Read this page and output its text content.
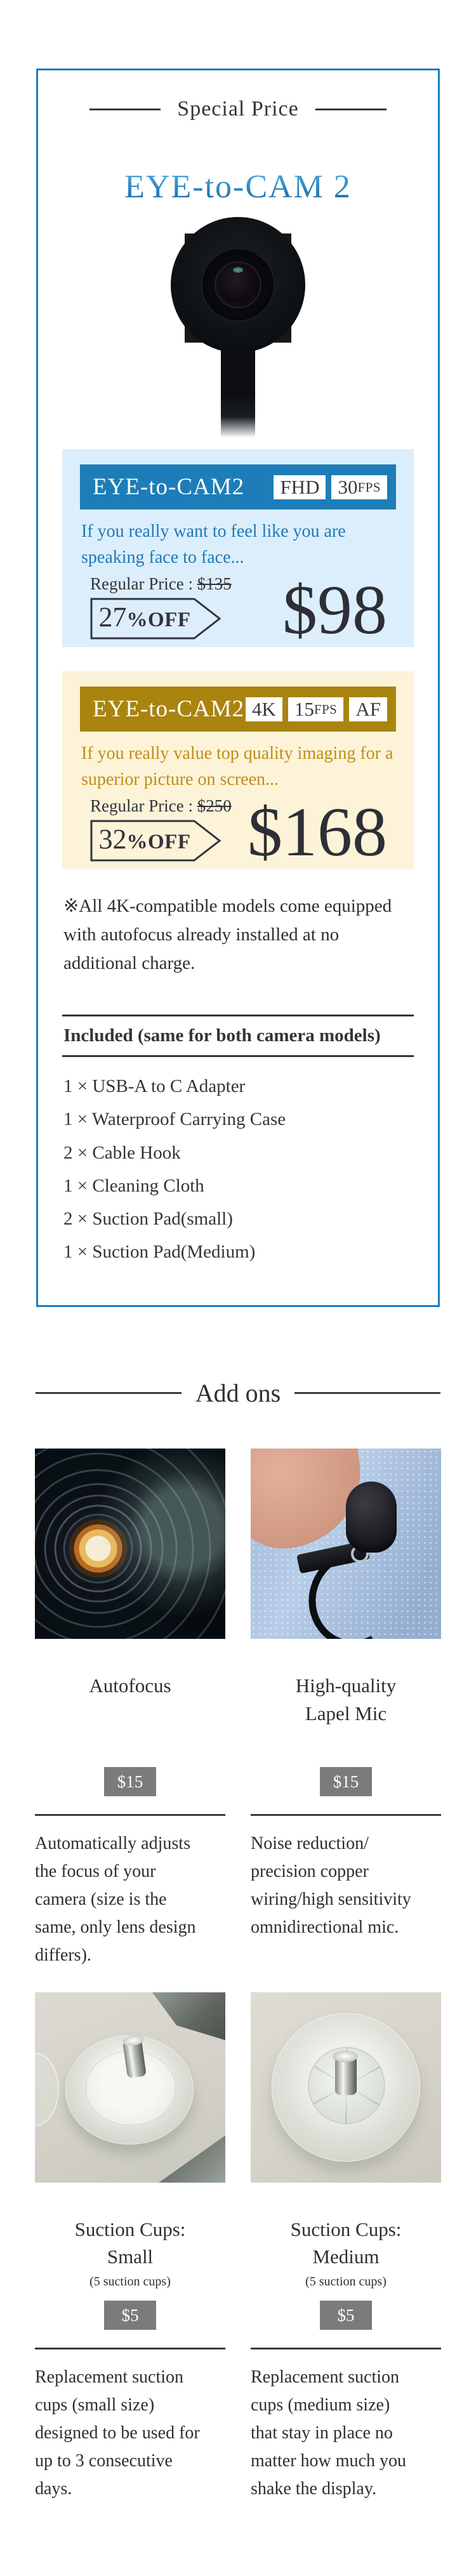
Special Price
EYE-to-CAM 2
EYE-to-CAM2 FHD 30 FPS

If you really want to feel like you are speaking face to face...

Regular Price : $135
27 %OFF $98
EYE-to-CAM2 4K 15 FPS AF

If you really value top quality imaging for a superior picture on screen...

Regular Price : $250
32 %OFF $168

※All 4K-compatible models come equipped with autofocus already installed at no additional charge.

Included (same for both camera models)
1 × USB-A to C Adapter
1 × Waterproof Carrying Case
2 × Cable Hook
1 × Cleaning Cloth
2 × Suction Pad(small)
1 × Suction Pad(Medium)
Add ons
Autofocus
$15

Automatically adjusts the focus of your camera (size is the same, only lens design differs).

High-quality Lapel Mic
$15

Noise reduction/ precision copper wiring/high sensitivity omnidirectional mic.

Suction Cups: Small
(5 suction cups)
$5

Replacement suction cups (small size) designed to be used for up to 3 consecutive days.

Suction Cups: Medium
(5 suction cups)
$5

Replacement suction cups (medium size) that stay in place no matter how much you shake the display.
